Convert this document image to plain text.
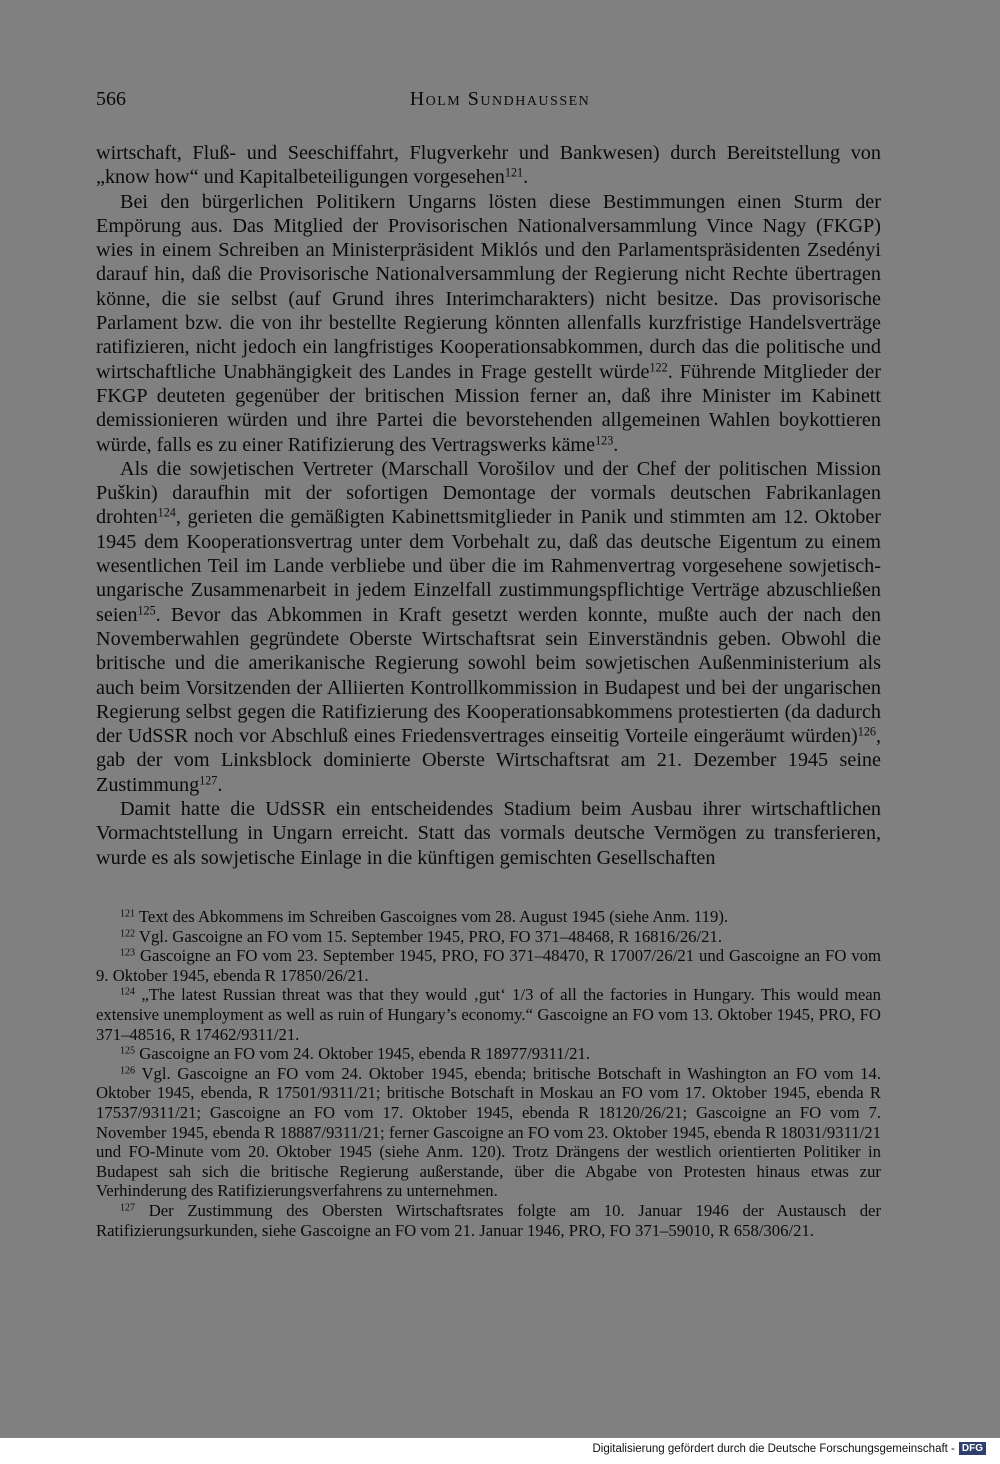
566	Holm Sundhaussen

wirtschaft, Fluß- und Seeschiffahrt, Flugverkehr und Bankwesen) durch Bereitstellung von „know how“ und Kapitalbeteiligungen vorgesehen$^{121}$.

Bei den bürgerlichen Politikern Ungarns lösten diese Bestimmungen einen Sturm der Empörung aus. Das Mitglied der Provisorischen Nationalversammlung Vince Nagy (FKGP) wies in einem Schreiben an Ministerpräsident Miklós und den Parlamentspräsidenten Zsedényi darauf hin, daß die Provisorische Nationalversammlung der Regierung nicht Rechte übertragen könne, die sie selbst (auf Grund ihres Interimcharakters) nicht besitze. Das provisorische Parlament bzw. die von ihr bestellte Regierung könnten allenfalls kurzfristige Handelsverträge ratifizieren, nicht jedoch ein langfristiges Kooperationsabkommen, durch das die politische und wirtschaftliche Unabhängigkeit des Landes in Frage gestellt würde$^{122}$. Führende Mitglieder der FKGP deuteten gegenüber der britischen Mission ferner an, daß ihre Minister im Kabinett demissionieren würden und ihre Partei die bevorstehenden allgemeinen Wahlen boykottieren würde, falls es zu einer Ratifizierung des Vertragswerks käme$^{123}$.

Als die sowjetischen Vertreter (Marschall Vorošilov und der Chef der politischen Mission Puškin) daraufhin mit der sofortigen Demontage der vormals deutschen Fabrikanlagen drohten$^{124}$, gerieten die gemäßigten Kabinettsmitglieder in Panik und stimmten am 12. Oktober 1945 dem Kooperationsvertrag unter dem Vorbehalt zu, daß das deutsche Eigentum zu einem wesentlichen Teil im Lande verbliebe und über die im Rahmenvertrag vorgesehene sowjetisch-ungarische Zusammenarbeit in jedem Einzelfall zustimmungspflichtige Verträge abzuschließen seien$^{125}$. Bevor das Abkommen in Kraft gesetzt werden konnte, mußte auch der nach den Novemberwahlen gegründete Oberste Wirtschaftsrat sein Einverständnis geben. Obwohl die britische und die amerikanische Regierung sowohl beim sowjetischen Außenministerium als auch beim Vorsitzenden der Alliierten Kontrollkommission in Budapest und bei der ungarischen Regierung selbst gegen die Ratifizierung des Kooperationsabkommens protestierten (da dadurch der UdSSR noch vor Abschluß eines Friedensvertrages einseitig Vorteile eingeräumt würden)$^{126}$, gab der vom Linksblock dominierte Oberste Wirtschaftsrat am 21. Dezember 1945 seine Zustimmung$^{127}$.

Damit hatte die UdSSR ein entscheidendes Stadium beim Ausbau ihrer wirtschaftlichen Vormachtstellung in Ungarn erreicht. Statt das vormals deutsche Vermögen zu transferieren, wurde es als sowjetische Einlage in die künftigen gemischten Gesellschaften

$^{121}$ Text des Abkommens im Schreiben Gascoignes vom 28. August 1945 (siehe Anm. 119).

$^{122}$ Vgl. Gascoigne an FO vom 15. September 1945, PRO, FO 371–48468, R 16816/26/21.

$^{123}$ Gascoigne an FO vom 23. September 1945, PRO, FO 371–48470, R 17007/26/21 und Gascoigne an FO vom 9. Oktober 1945, ebenda R 17850/26/21.

$^{124}$ „The latest Russian threat was that they would ‚gut‘ 1/3 of all the factories in Hungary. This would mean extensive unemployment as well as ruin of Hungary’s economy.“ Gascoigne an FO vom 13. Oktober 1945, PRO, FO 371–48516, R 17462/9311/21.

$^{125}$ Gascoigne an FO vom 24. Oktober 1945, ebenda R 18977/9311/21.

$^{126}$ Vgl. Gascoigne an FO vom 24. Oktober 1945, ebenda; britische Botschaft in Washington an FO vom 14. Oktober 1945, ebenda, R 17501/9311/21; britische Botschaft in Moskau an FO vom 17. Oktober 1945, ebenda R 17537/9311/21; Gascoigne an FO vom 17. Oktober 1945, ebenda R 18120/26/21; Gascoigne an FO vom 7. November 1945, ebenda R 18887/9311/21; ferner Gascoigne an FO vom 23. Oktober 1945, ebenda R 18031/9311/21 und FO-Minute vom 20. Oktober 1945 (siehe Anm. 120). Trotz Drängens der westlich orientierten Politiker in Budapest sah sich die britische Regierung außerstande, über die Abgabe von Protesten hinaus etwas zur Verhinderung des Ratifizierungsverfahrens zu unternehmen.

$^{127}$ Der Zustimmung des Obersten Wirtschaftsrates folgte am 10. Januar 1946 der Austausch der Ratifizierungsurkunden, siehe Gascoigne an FO vom 21. Januar 1946, PRO, FO 371–59010, R 658/306/21.

Digitalisierung gefördert durch die Deutsche Forschungsgemeinschaft - DFG
